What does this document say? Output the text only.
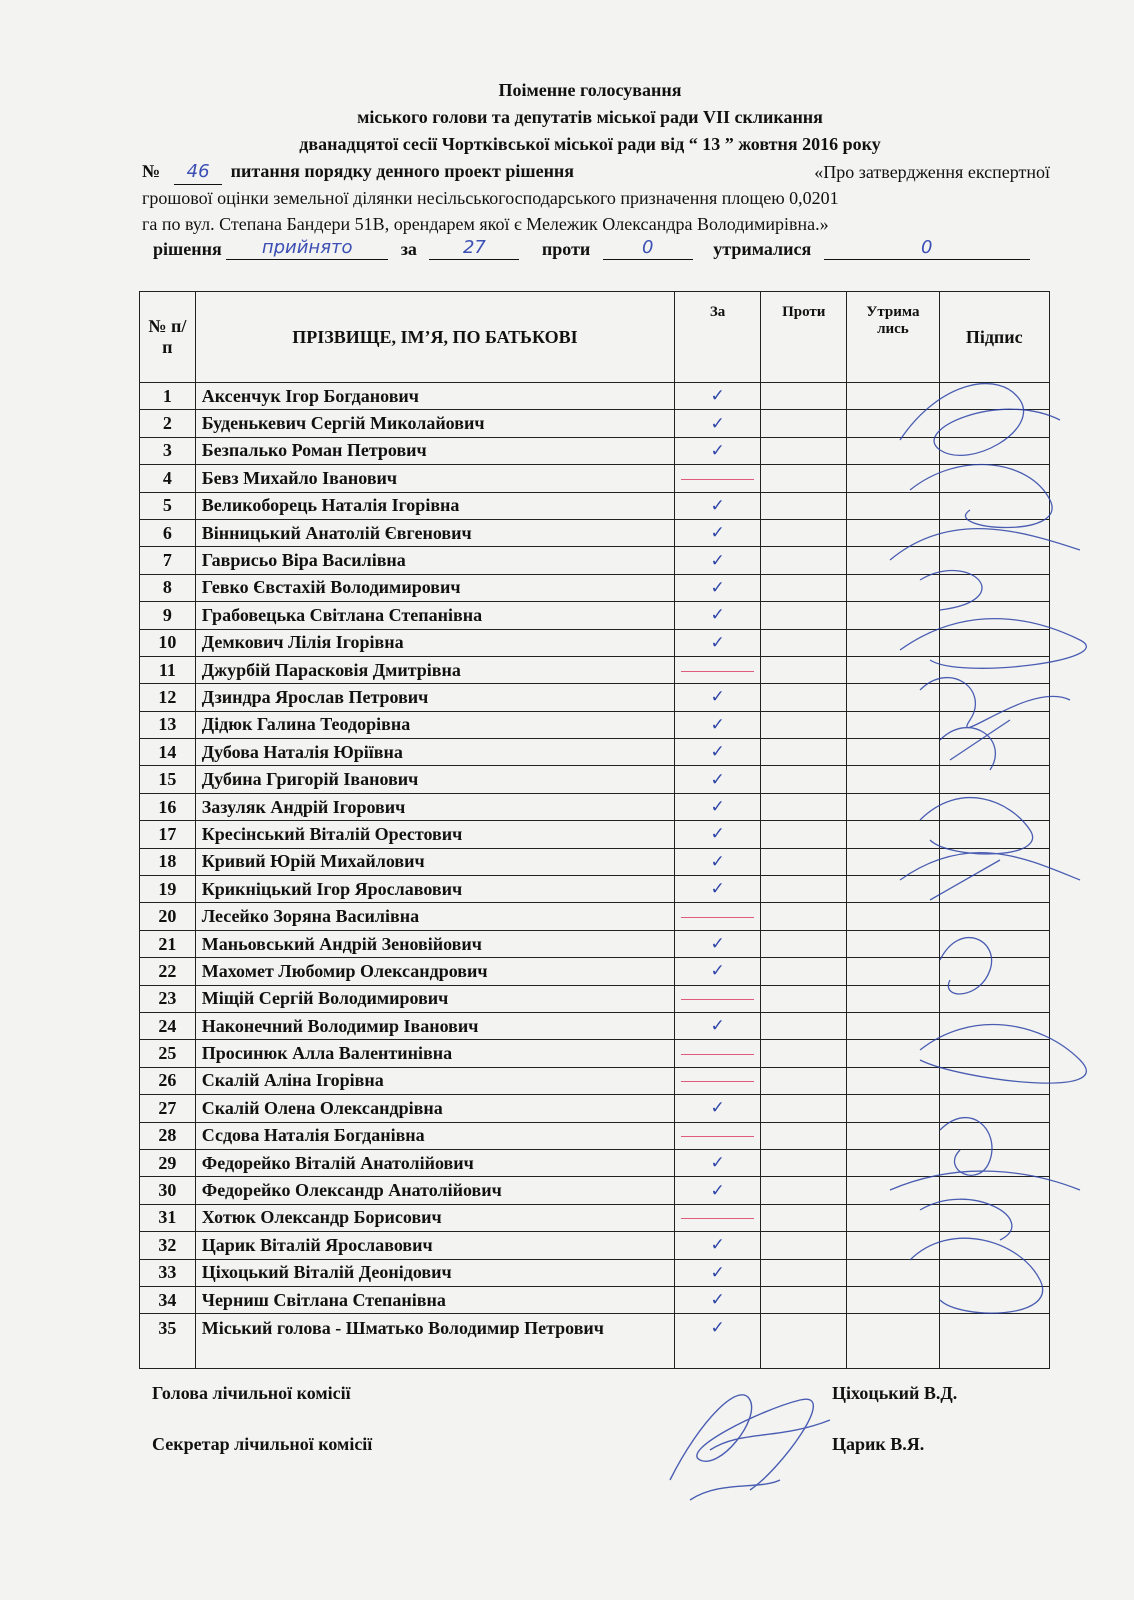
Поіменне голосування
міського голови та депутатів міської ради VII скликання
дванадцятої сесії Чортківської міської ради від “ 13 ” жовтня 2016 року
№ 46 питання порядку денного проект рішення	«Про затвердження експертної
грошової оцінки земельної ділянки несільськогосподарського призначення площею 0,0201
га по вул. Степана Бандери 51В, орендарем якої є Мележик Олександра Володимирівна.»
рішення прийнято	за	27	проти	0	утрималися	0
№ п/п	ПРІЗВИЩЕ, ІМ’Я, ПО БАТЬКОВІ	За	Проти	Утрима лись	Підпис
1	Аксенчук Ігор Богданович	✓			
2	Буденькевич Сергій Миколайович	✓			
3	Безпалько Роман Петрович	✓			
4	Бевз Михайло Іванович	

5	Великоборець Наталія Ігорівна	✓			
6	Вінницький Анатолій Євгенович	✓			
7	Гаврисьо Віра Василівна	✓			
8	Гевко Євстахій Володимирович	✓			
9	Грабовецька Світлана Степанівна	✓			
10	Демкович Лілія Ігорівна	✓			
11	Джурбій Парасковія Дмитрівна	

12	Дзиндра Ярослав Петрович	✓			
13	Дідюк Галина Теодорівна	✓			
14	Дубова Наталія Юріївна	✓			
15	Дубина Григорій Іванович	✓			
16	Зазуляк Андрій Ігорович	✓			
17	Кресінський Віталій Орестович	✓			
18	Кривий Юрій Михайлович	✓			
19	Крикніцький Ігор Ярославович	✓			
20	Лесейко Зоряна Василівна	

21	Маньовський Андрій Зеновійович	✓			
22	Махомет Любомир Олександрович	✓			
23	Міщій Сергій Володимирович	

24	Наконечний Володимир Іванович	✓			
25	Просинюк Алла Валентинівна	

26	Скалій Аліна Ігорівна	

27	Скалій Олена Олександрівна	✓			
28	Ссдова Наталія Богданівна	

29	Федорейко Віталій Анатолійович	✓			
30	Федорейко Олександр Анатолійович	✓			
31	Хотюк Олександр Борисович	

32	Царик Віталій Ярославович	✓			
33	Ціхоцький Віталій Деонідович	✓			
34	Черниш Світлана Степанівна	✓			
35	Міський голова - Шматько Володимир Петрович	✓			
Голова лічильної комісії	Ціхоцький В.Д.
Секретар лічильної комісії	Царик В.Я.
